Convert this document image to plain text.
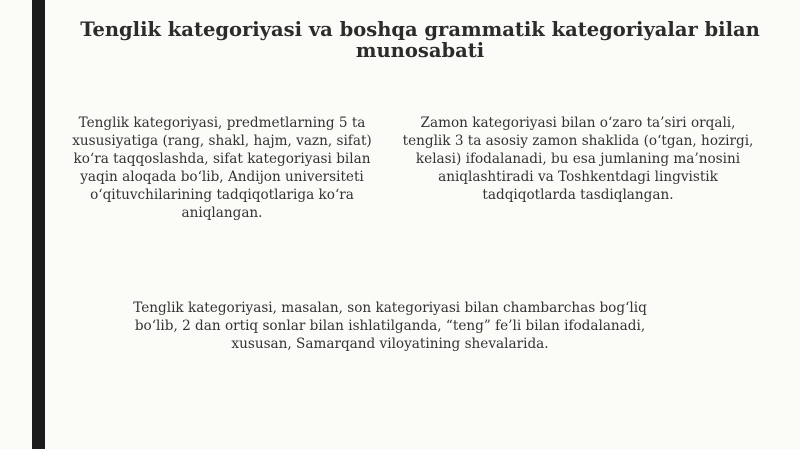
Tenglik kategoriyasi va boshqa grammatik kategoriyalar bilan munosabati

Tenglik kategoriyasi, predmetlarning 5 ta xususiyatiga (rang, shakl, hajm, vazn, sifat) ko‘ra taqqoslashda, sifat kategoriyasi bilan yaqin aloqada bo‘lib, Andijon universiteti o‘qituvchilarining tadqiqotlariga ko‘ra aniqlangan.

Zamon kategoriyasi bilan o‘zaro ta’siri orqali, tenglik 3 ta asosiy zamon shaklida (o‘tgan, hozirgi, kelasi) ifodalanadi, bu esa jumlaning ma’nosini aniqlashtiradi va Toshkentdagi lingvistik tadqiqotlarda tasdiqlangan.

Tenglik kategoriyasi, masalan, son kategoriyasi bilan chambarchas bog‘liq bo‘lib, 2 dan ortiq sonlar bilan ishlatilganda, “teng” fe’li bilan ifodalanadi, xususan, Samarqand viloyatining shevalarida.
